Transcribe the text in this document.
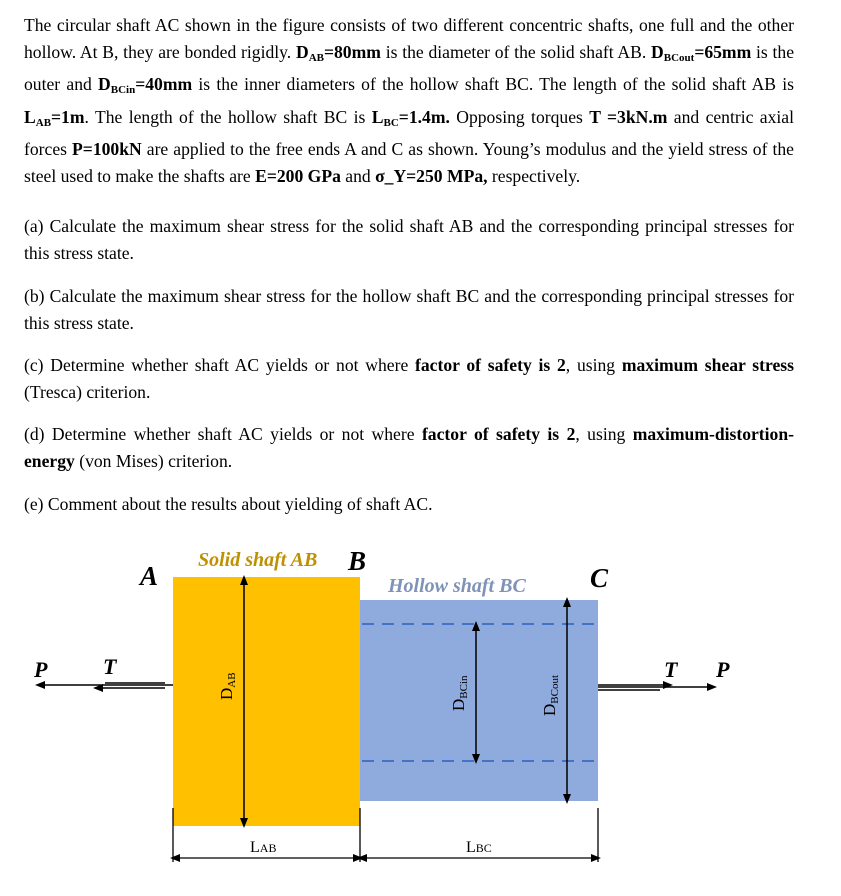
The circular shaft AC shown in the figure consists of two different concentric shafts, one full and the other hollow. At B, they are bonded rigidly. $D_{AB}=80mm$ is the diameter of the solid shaft AB. $D_{BCout}=65mm$ is the outer and $D_{BCin}=40mm$ is the inner diameters of the hollow shaft BC. The length of the solid shaft AB is $L_{AB}=1m$. The length of the hollow shaft BC is $L_{BC}=1.4m$. Opposing torques T =3kN.m and centric axial forces P=100kN are applied to the free ends A and C as shown. Young’s modulus and the yield stress of the steel used to make the shafts are E=200 GPa and σ_Y=250 MPa, respectively.

(a) Calculate the maximum shear stress for the solid shaft AB and the corresponding principal stresses for this stress state.

(b) Calculate the maximum shear stress for the hollow shaft BC and the corresponding principal stresses for this stress state.

(c) Determine whether shaft AC yields or not where factor of safety is 2, using maximum shear stress (Tresca) criterion.

(d) Determine whether shaft AC yields or not where factor of safety is 2, using maximum-distortion-energy (von Mises) criterion.

(e) Comment about the results about yielding of shaft AC.

Solid shaft AB B
A	Hollow shaft BC C
P	T	T P
DAB
DBCin
DBCout
LAB	LBC
